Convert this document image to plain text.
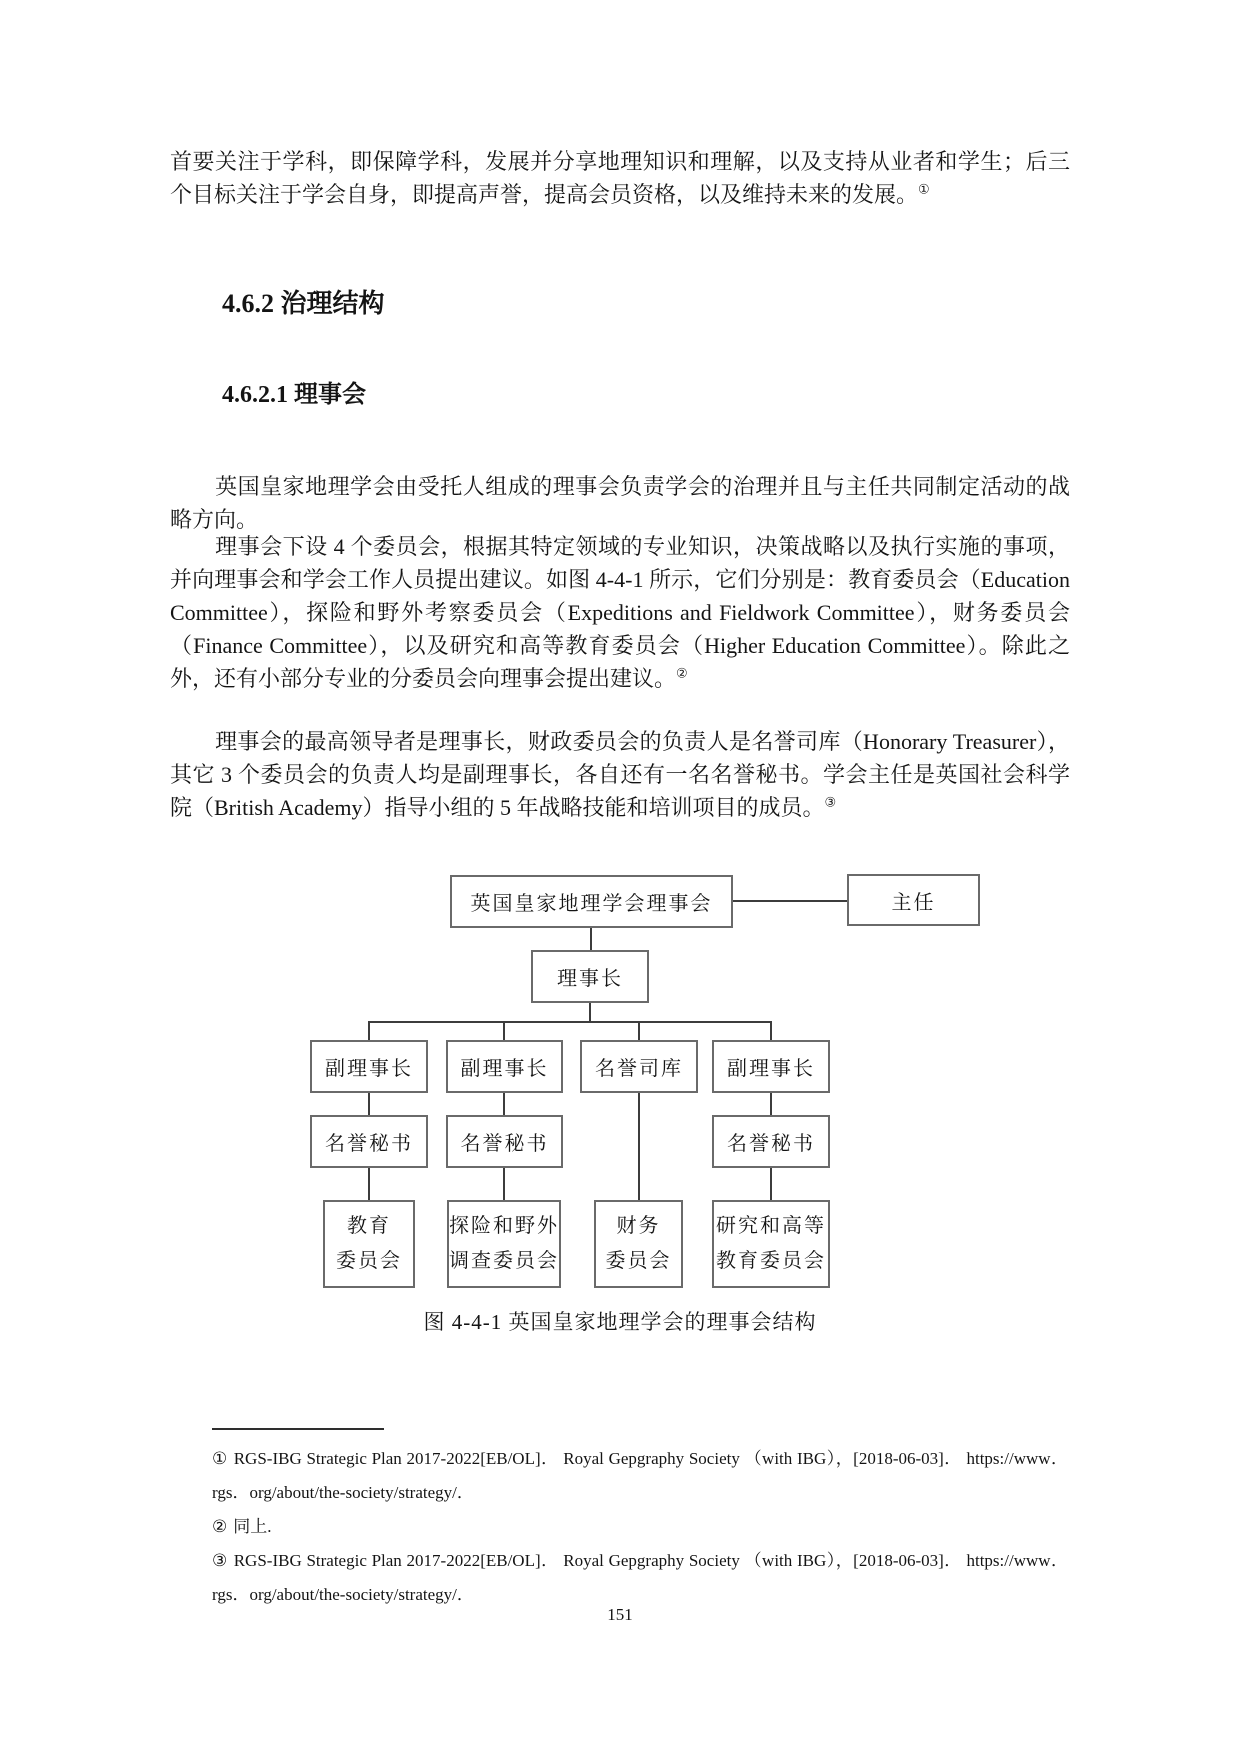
首要关注于学科，即保障学科，发展并分享地理知识和理解，以及支持从业者和学生；后三个目标关注于学会自身，即提高声誉，提高会员资格，以及维持未来的发展。①
4.6.2 治理结构
4.6.2.1 理事会
英国皇家地理学会由受托人组成的理事会负责学会的治理并且与主任共同制定活动的战略方向。
理事会下设 4 个委员会，根据其特定领域的专业知识，决策战略以及执行实施的事项，并向理事会和学会工作人员提出建议。如图 4-4-1 所示，它们分别是：教育委员会（Education Committee），探险和野外考察委员会（Expeditions and Fieldwork Committee），财务委员会（Finance Committee），以及研究和高等教育委员会（Higher Education Committee）。除此之外，还有小部分专业的分委员会向理事会提出建议。②
理事会的最高领导者是理事长，财政委员会的负责人是名誉司库（Honorary Treasurer），其它 3 个委员会的负责人均是副理事长，各自还有一名名誉秘书。学会主任是英国社会科学院（British Academy）指导小组的 5 年战略技能和培训项目的成员。③
英国皇家地理学会理事会	主任
理事长
副理事长	副理事长	名誉司库	副理事长
名誉秘书	名誉秘书	名誉秘书
教育
委员会
探险和野外
调查委员会
财务
委员会
研究和高等
教育委员会
图 4-4-1 英国皇家地理学会的理事会结构
① RGS-IBG Strategic Plan 2017-2022[EB/OL]． Royal Gepgraphy Society （with IBG），[2018-06-03]． https://www．rgs．org/about/the-society/strategy/．
② 同上.
③ RGS-IBG Strategic Plan 2017-2022[EB/OL]． Royal Gepgraphy Society （with IBG），[2018-06-03]． https://www．rgs．org/about/the-society/strategy/．
151
